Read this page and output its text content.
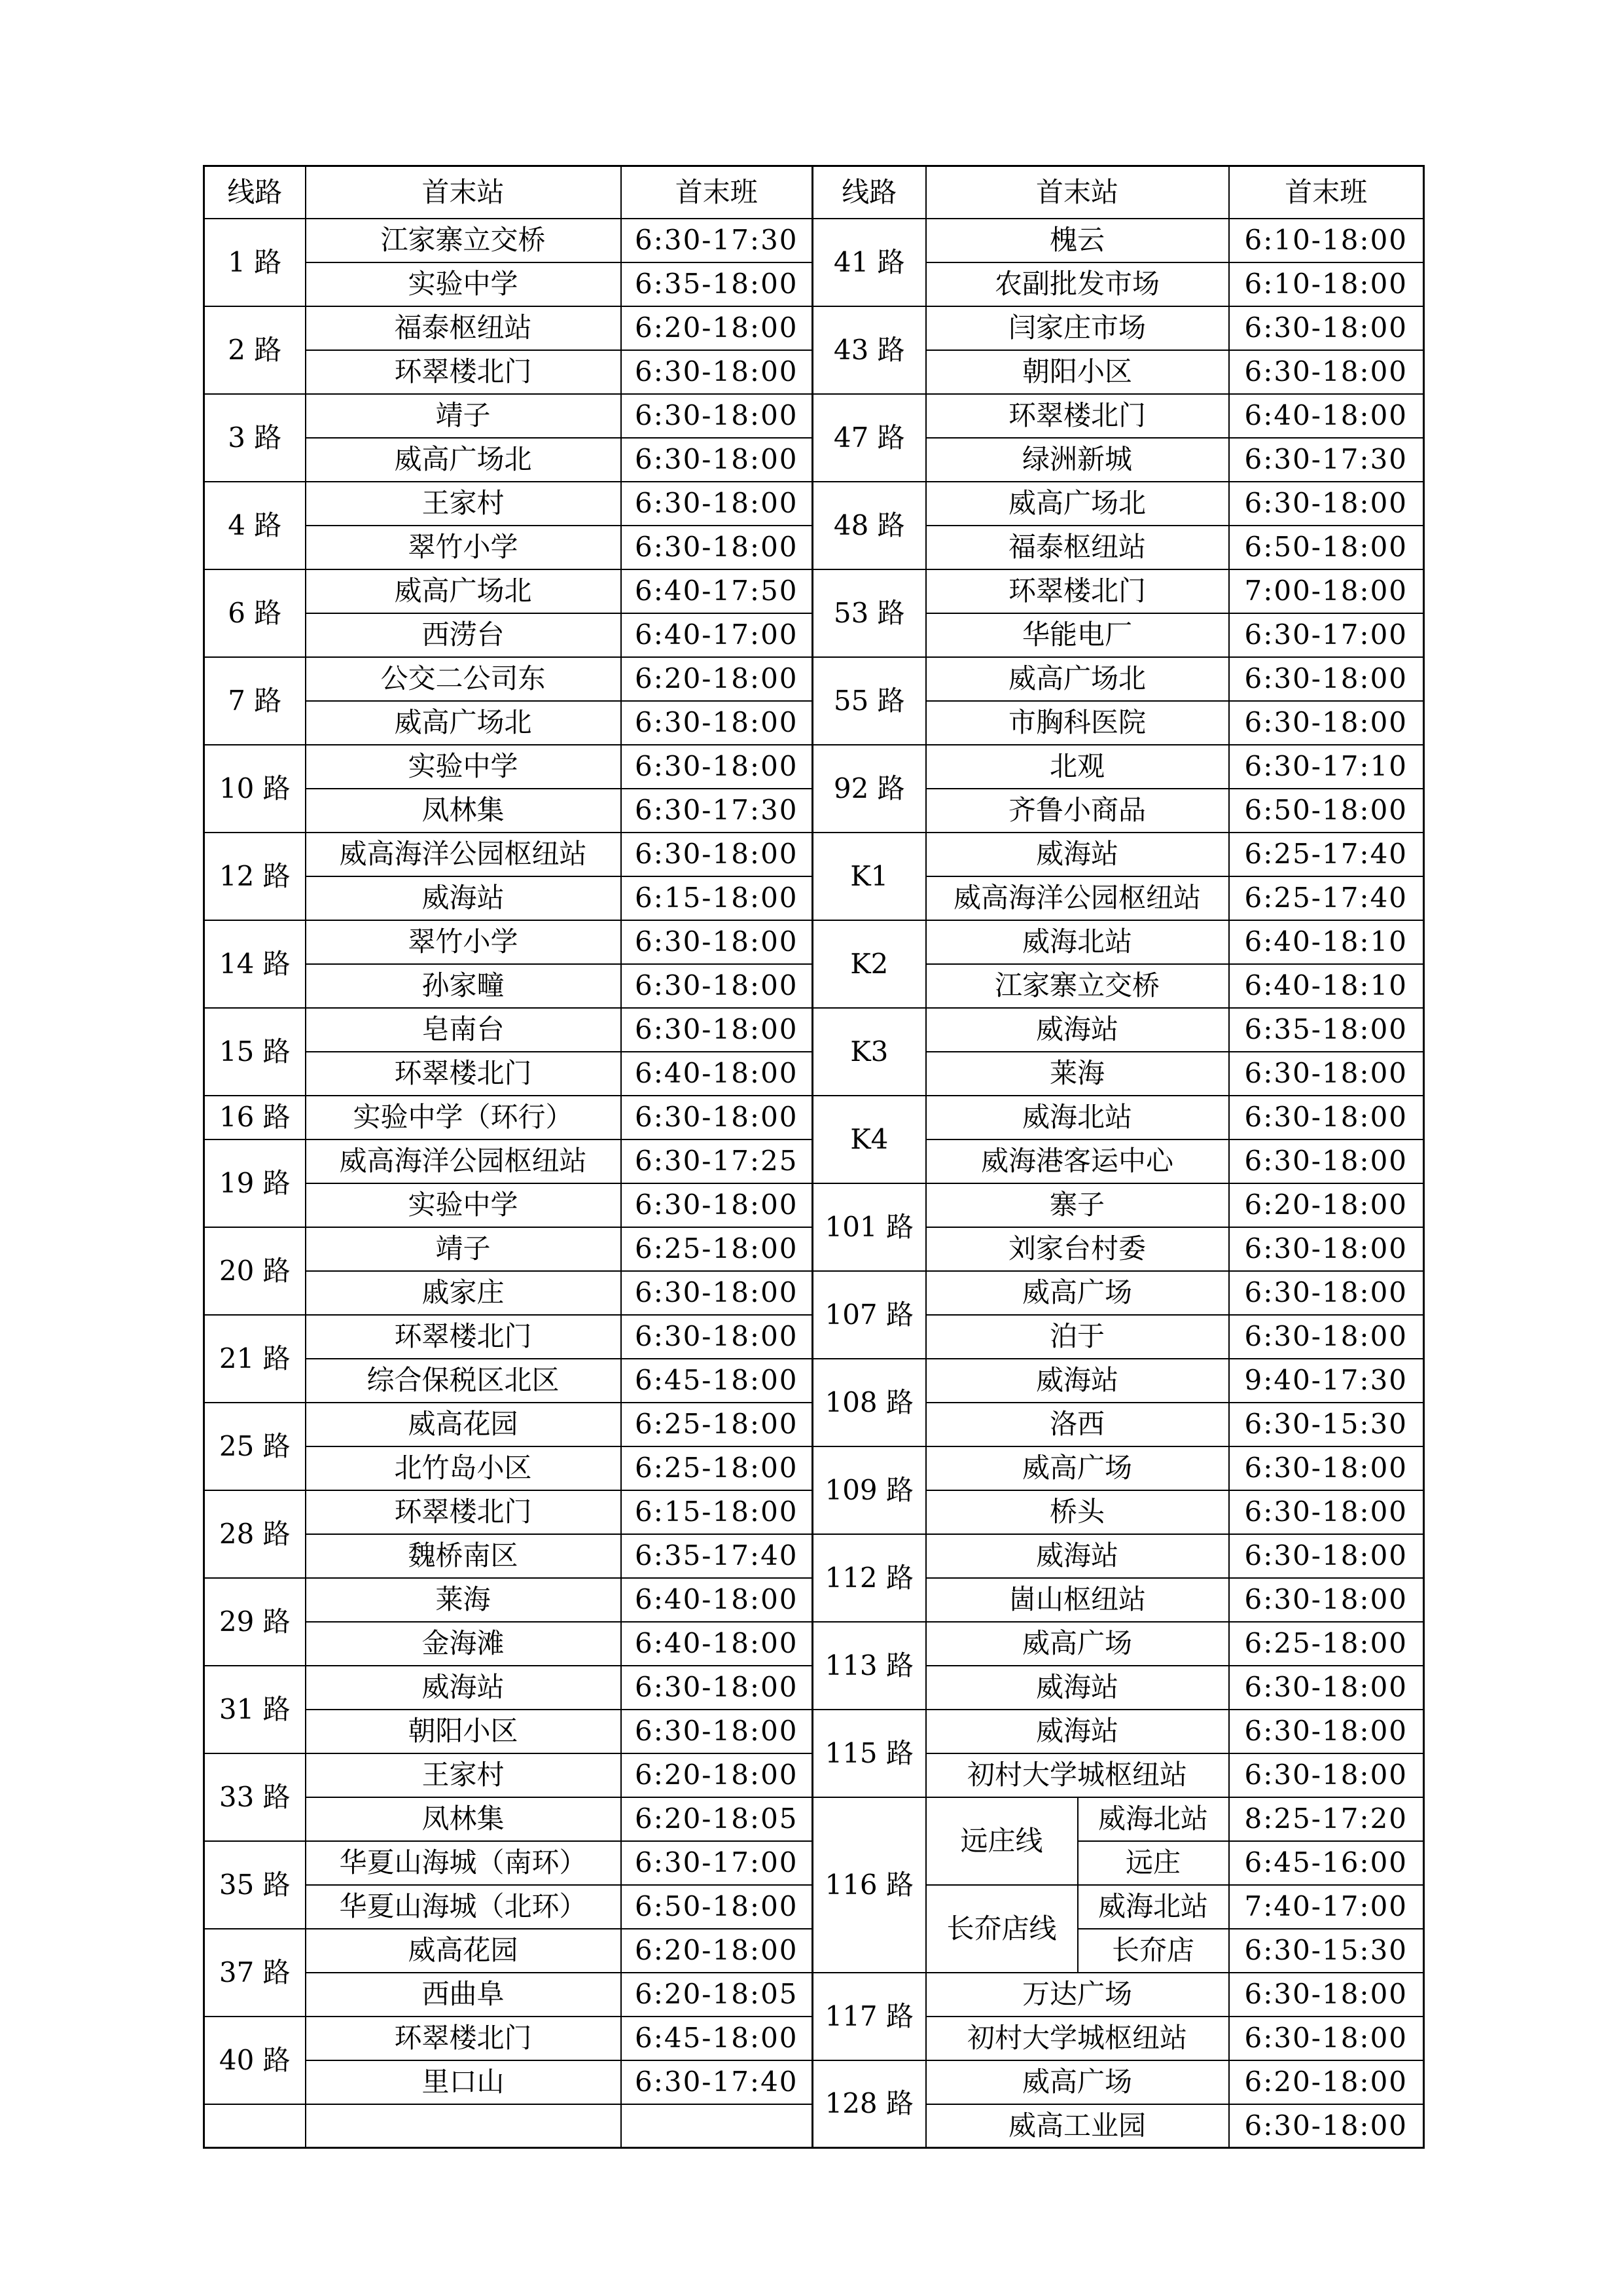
线路	首末站	首末班
1 路	江家寨立交桥	6:30-17:30
	实验中学	6:35-18:00
2 路	福泰枢纽站	6:20-18:00
	环翠楼北门	6:30-18:00
3 路	靖子	6:30-18:00
	威高广场北	6:30-18:00
4 路	王家村	6:30-18:00
	翠竹小学	6:30-18:00
6 路	威高广场北	6:40-17:50
	西涝台	6:40-17:00
7 路	公交二公司东	6:20-18:00
	威高广场北	6:30-18:00
10 路	实验中学	6:30-18:00
	凤林集	6:30-17:30
12 路	威高海洋公园枢纽站	6:30-18:00
	威海站	6:15-18:00
14 路	翠竹小学	6:30-18:00
	孙家疃	6:30-18:00
15 路	皂南台	6:30-18:00
	环翠楼北门	6:40-18:00
16 路	实验中学（环行）	6:30-18:00
19 路	威高海洋公园枢纽站	6:30-17:25
	实验中学	6:30-18:00
20 路	靖子	6:25-18:00
	戚家庄	6:30-18:00
21 路	环翠楼北门	6:30-18:00
	综合保税区北区	6:45-18:00
25 路	威高花园	6:25-18:00
	北竹岛小区	6:25-18:00
28 路	环翠楼北门	6:15-18:00
	魏桥南区	6:35-17:40
29 路	莱海	6:40-18:00
	金海滩	6:40-18:00
31 路	威海站	6:30-18:00
	朝阳小区	6:30-18:00
33 路	王家村	6:20-18:00
	凤林集	6:20-18:05
35 路	华夏山海城（南环）	6:30-17:00
	华夏山海城（北环）	6:50-18:00
37 路	威高花园	6:20-18:00
	西曲阜	6:20-18:05
40 路	环翠楼北门	6:45-18:00
	里口山	6:30-17:40

线路	首末站		首末班
41 路	槐云		6:10-18:00
	农副批发市场		6:10-18:00
43 路	闫家庄市场		6:30-18:00
	朝阳小区		6:30-18:00
47 路	环翠楼北门		6:40-18:00
	绿洲新城		6:30-17:30
48 路	威高广场北		6:30-18:00
	福泰枢纽站		6:50-18:00
53 路	环翠楼北门		7:00-18:00
	华能电厂		6:30-17:00
55 路	威高广场北		6:30-18:00
	市胸科医院		6:30-18:00
92 路	北观		6:30-17:10
	齐鲁小商品		6:50-18:00
K1	威海站		6:25-17:40
	威高海洋公园枢纽站		6:25-17:40
K2	威海北站		6:40-18:10
	江家寨立交桥		6:40-18:10
K3	威海站		6:35-18:00
	莱海		6:30-18:00
K4	威海北站		6:30-18:00
	威海港客运中心		6:30-18:00
101 路	寨子		6:20-18:00
	刘家台村委		6:30-18:00
107 路	威高广场		6:30-18:00
	泊于		6:30-18:00
108 路	威海站		9:40-17:30
	洛西		6:30-15:30
109 路	威高广场		6:30-18:00
	桥头		6:30-18:00
112 路	威海站		6:30-18:00
	崮山枢纽站		6:30-18:00
113 路	威高广场		6:25-18:00
	威海站		6:30-18:00
115 路	威海站		6:30-18:00
	初村大学城枢纽站		6:30-18:00
116 路	远庄线	威海北站	8:25-17:20
		远庄	6:45-16:00
	长夼店线	威海北站	7:40-17:00
		长夼店	6:30-15:30
117 路	万达广场		6:30-18:00
	初村大学城枢纽站		6:30-18:00
128 路	威高广场		6:20-18:00
	威高工业园		6:30-18:00
